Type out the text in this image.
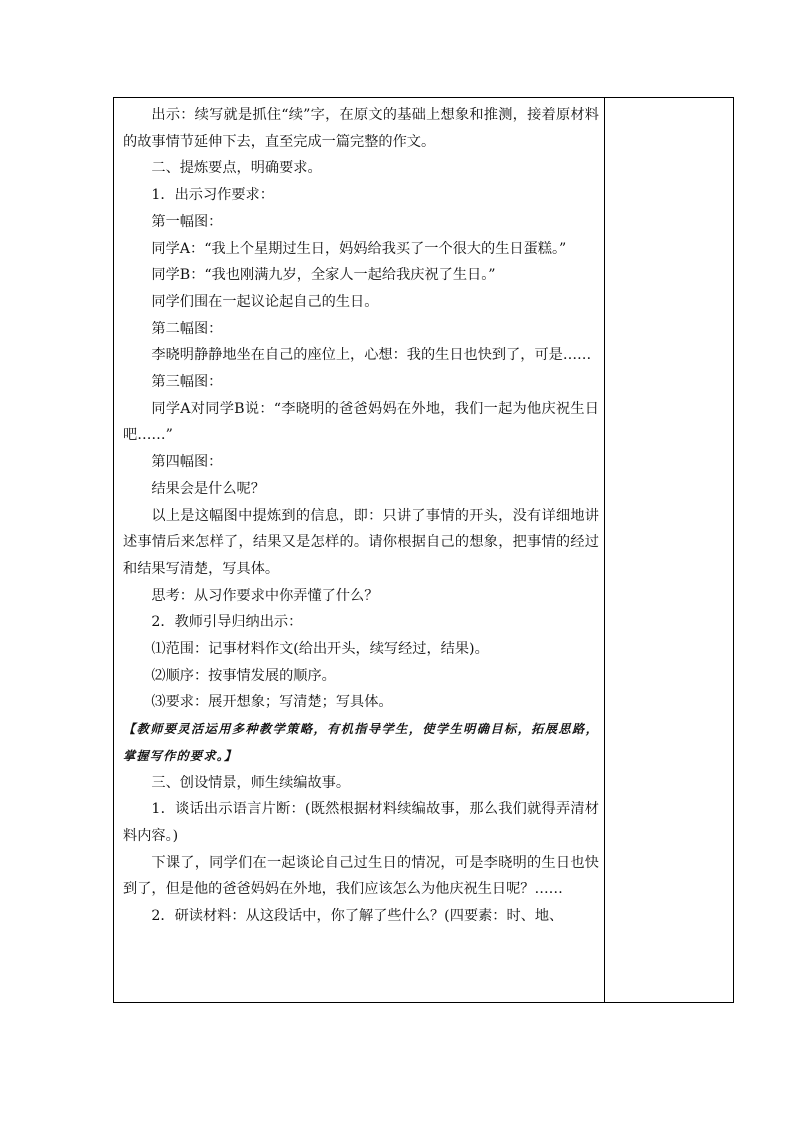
出示：续写就是抓住“续”字，在原文的基础上想象和推测，接着原材料的故事情节延伸下去，直至完成一篇完整的作文。

二、提炼要点，明确要求。

1．出示习作要求：

第一幅图：

同学A：“我上个星期过生日，妈妈给我买了一个很大的生日蛋糕。”

同学B：“我也刚满九岁，全家人一起给我庆祝了生日。”

同学们围在一起议论起自己的生日。

第二幅图：

李晓明静静地坐在自己的座位上，心想：我的生日也快到了，可是……

第三幅图：

同学A对同学B说：“李晓明的爸爸妈妈在外地，我们一起为他庆祝生日吧……”

第四幅图：

结果会是什么呢？

以上是这幅图中提炼到的信息，即：只讲了事情的开头，没有详细地讲述事情后来怎样了，结果又是怎样的。请你根据自己的想象，把事情的经过和结果写清楚，写具体。

思考：从习作要求中你弄懂了什么？

2．教师引导归纳出示：

⑴范围：记事材料作文(给出开头，续写经过，结果)。

⑵顺序：按事情发展的顺序。

⑶要求：展开想象；写清楚；写具体。

【教师要灵活运用多种教学策略，有机指导学生，使学生明确目标，拓展思路，掌握写作的要求。】

三、创设情景，师生续编故事。

1．谈话出示语言片断：(既然根据材料续编故事，那么我们就得弄清材料内容。)

下课了，同学们在一起谈论自己过生日的情况，可是李晓明的生日也快到了，但是他的爸爸妈妈在外地，我们应该怎么为他庆祝生日呢？……

2．研读材料：从这段话中，你了解了些什么？(四要素：时、地、
